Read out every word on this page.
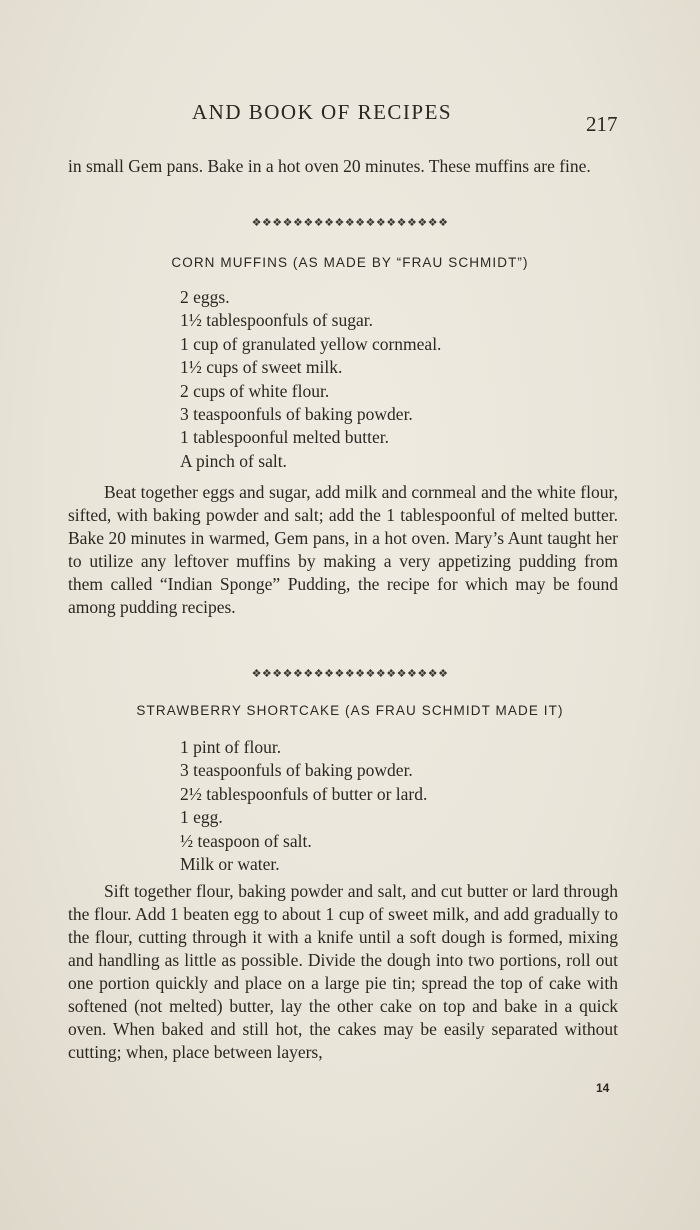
AND BOOK OF RECIPES	217
in small Gem pans. Bake in a hot oven 20 minutes. These muffins are fine.
❖❖❖❖❖❖❖❖❖❖❖❖❖❖❖❖❖❖❖
CORN MUFFINS (AS MADE BY “FRAU SCHMIDT”)
2 eggs.
1½ tablespoonfuls of sugar.
1 cup of granulated yellow cornmeal.
1½ cups of sweet milk.
2 cups of white flour.
3 teaspoonfuls of baking powder.
1 tablespoonful melted butter.
A pinch of salt.
Beat together eggs and sugar, add milk and cornmeal and the white flour, sifted, with baking powder and salt; add the 1 tablespoonful of melted butter. Bake 20 minutes in warmed, Gem pans, in a hot oven. Mary’s Aunt taught her to utilize any leftover muffins by making a very appetizing pudding from them called “Indian Sponge” Pudding, the recipe for which may be found among pudding recipes.
❖❖❖❖❖❖❖❖❖❖❖❖❖❖❖❖❖❖❖
STRAWBERRY SHORTCAKE (AS FRAU SCHMIDT MADE IT)
1 pint of flour.
3 teaspoonfuls of baking powder.
2½ tablespoonfuls of butter or lard.
1 egg.
½ teaspoon of salt.
Milk or water.
Sift together flour, baking powder and salt, and cut butter or lard through the flour. Add 1 beaten egg to about 1 cup of sweet milk, and add gradually to the flour, cutting through it with a knife until a soft dough is formed, mixing and handling as little as possible. Divide the dough into two portions, roll out one portion quickly and place on a large pie tin; spread the top of cake with softened (not melted) butter, lay the other cake on top and bake in a quick oven. When baked and still hot, the cakes may be easily separated without cutting; when, place between layers,
14
